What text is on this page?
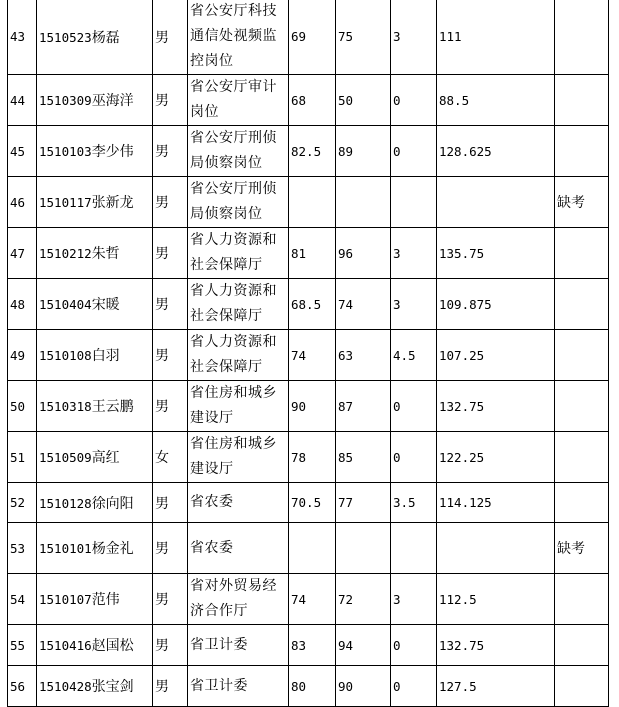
43	1510523杨磊	男	省公安厅科技
通信处视频监
控岗位	69	75	3	111	
44	1510309巫海洋	男	省公安厅审计
岗位	68	50	0	88.5	
45	1510103李少伟	男	省公安厅刑侦
局侦察岗位	82.5	89	0	128.625	
46	1510117张新龙	男	省公安厅刑侦
局侦察岗位					缺考
47	1510212朱哲	男	省人力资源和
社会保障厅	81	96	3	135.75	
48	1510404宋暖	男	省人力资源和
社会保障厅	68.5	74	3	109.875	
49	1510108白羽	男	省人力资源和
社会保障厅	74	63	4.5	107.25	
50	1510318王云鹏	男	省住房和城乡
建设厅	90	87	0	132.75	
51	1510509高红	女	省住房和城乡
建设厅	78	85	0	122.25	
52	1510128徐向阳	男	省农委	70.5	77	3.5	114.125	
53	1510101杨金礼	男	省农委					缺考
54	1510107范伟	男	省对外贸易经
济合作厅	74	72	3	112.5	
55	1510416赵国松	男	省卫计委	83	94	0	132.75	
56	1510428张宝剑	男	省卫计委	80	90	0	127.5	
